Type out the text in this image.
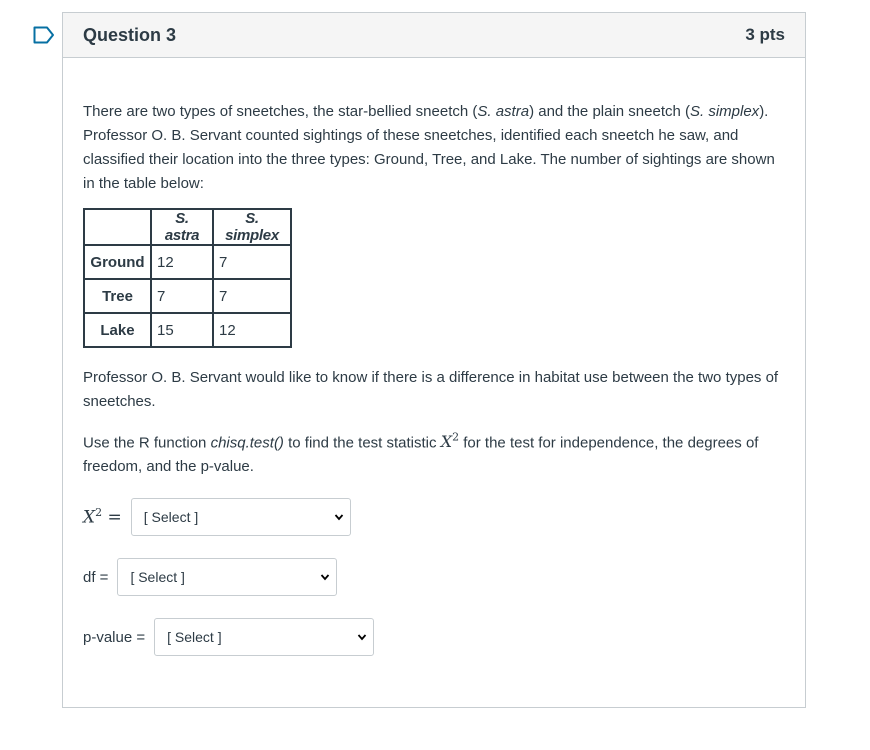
Question 3	3 pts

There are two types of sneetches, the star-bellied sneetch (S. astra) and the plain sneetch (S. simplex). Professor O. B. Servant counted sightings of these sneetches, identified each sneetch he saw, and classified their location into the three types: Ground, Tree, and Lake. The number of sightings are shown in the table below:

	S. astra	S. simplex
Ground	12	7
Tree	7	7
Lake	15	12

Professor O. B. Servant would like to know if there is a difference in habitat use between the two types of sneetches.

Use the R function chisq.test() to find the test statistic $X^2$ for the test for independence, the degrees of freedom, and the p-value.

$X^2$ = [ Select ]
df = [ Select ]
p-value = [ Select ]
